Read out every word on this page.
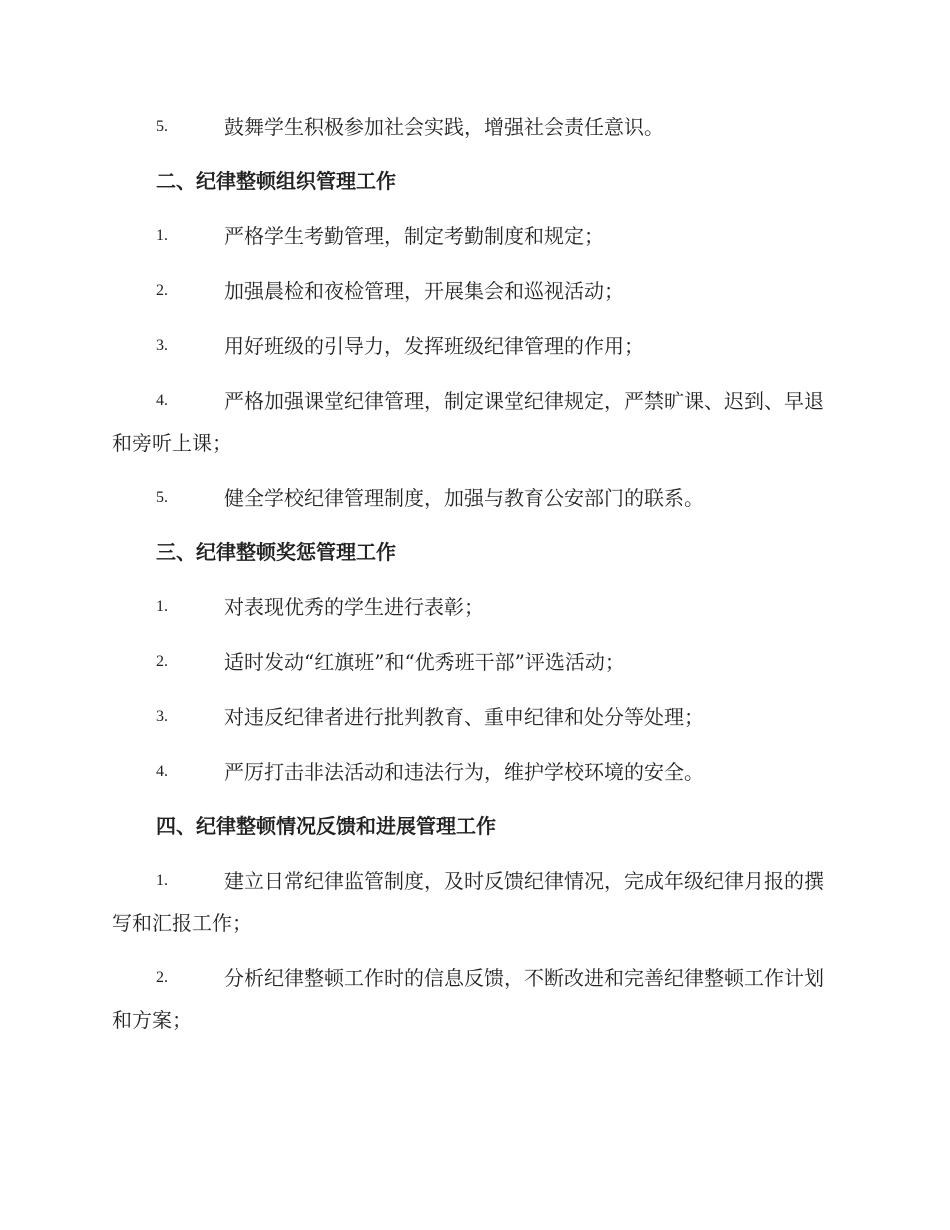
5.	鼓舞学生积极参加社会实践，增强社会责任意识。

二、纪律整顿组织管理工作

1.	严格学生考勤管理，制定考勤制度和规定；

2.	加强晨检和夜检管理，开展集会和巡视活动；

3.	用好班级的引导力，发挥班级纪律管理的作用；

4.	严格加强课堂纪律管理，制定课堂纪律规定，严禁旷课、迟到、早退和旁听上课；

5.	健全学校纪律管理制度，加强与教育公安部门的联系。

三、纪律整顿奖惩管理工作

1.	对表现优秀的学生进行表彰；

2.	适时发动“红旗班”和“优秀班干部”评选活动；

3.	对违反纪律者进行批判教育、重申纪律和处分等处理；

4.	严厉打击非法活动和违法行为，维护学校环境的安全。

四、纪律整顿情况反馈和进展管理工作

1.	建立日常纪律监管制度，及时反馈纪律情况，完成年级纪律月报的撰写和汇报工作；

2.	分析纪律整顿工作时的信息反馈，不断改进和完善纪律整顿工作计划和方案；
